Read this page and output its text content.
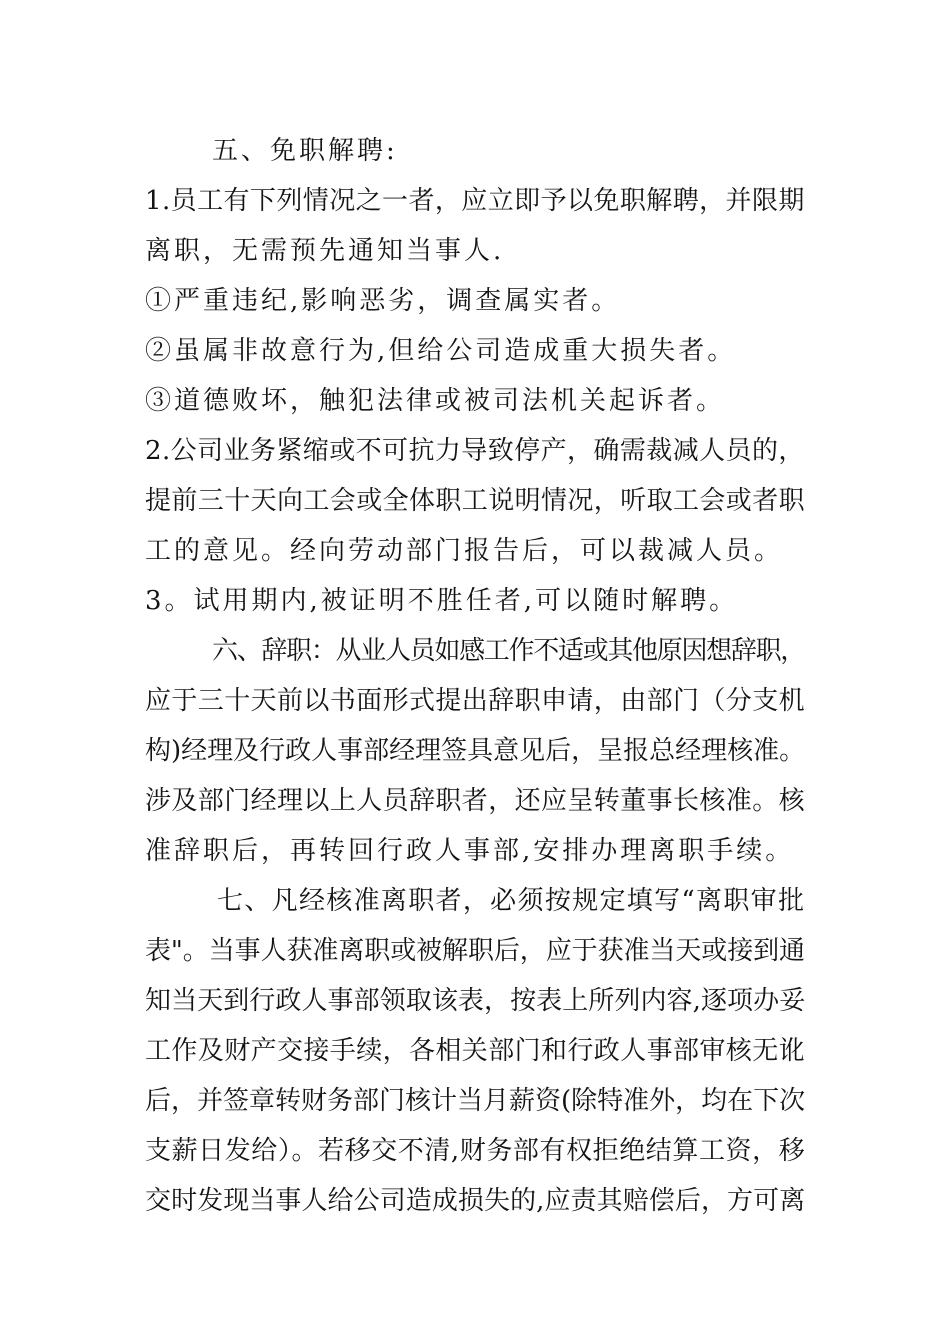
五、免职解聘:
1.员工有下列情况之一者，应立即予以免职解聘，并限期
离职，无需预先通知当事人.
①严重违纪,影响恶劣，调查属实者。
②虽属非故意行为,但给公司造成重大损失者。
③道德败坏，触犯法律或被司法机关起诉者。
2.公司业务紧缩或不可抗力导致停产，确需裁减人员的，
提前三十天向工会或全体职工说明情况，听取工会或者职
工的意见。经向劳动部门报告后，可以裁减人员。
3。试用期内,被证明不胜任者,可以随时解聘。
六、辞职：从业人员如感工作不适或其他原因想辞职，
应于三十天前以书面形式提出辞职申请，由部门（分支机
构)经理及行政人事部经理签具意见后，呈报总经理核准。
涉及部门经理以上人员辞职者，还应呈转董事长核准。核
准辞职后，再转回行政人事部,安排办理离职手续。
七、凡经核准离职者，必须按规定填写“离职审批
表"。当事人获准离职或被解职后，应于获准当天或接到通
知当天到行政人事部领取该表，按表上所列内容,逐项办妥
工作及财产交接手续，各相关部门和行政人事部审核无讹
后，并签章转财务部门核计当月薪资(除特准外，均在下次
支薪日发给）。若移交不清,财务部有权拒绝结算工资，移
交时发现当事人给公司造成损失的,应责其赔偿后，方可离
